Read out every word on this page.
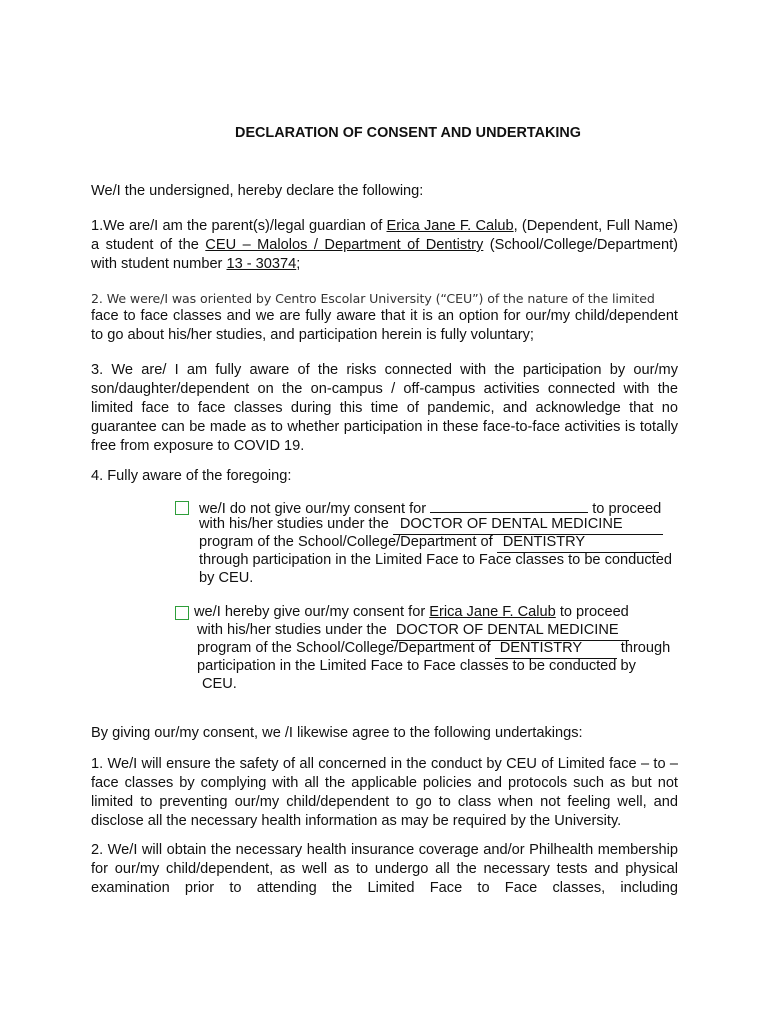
DECLARATION OF CONSENT AND UNDERTAKING
We/I the undersigned, hereby declare the following:
1.We are/I am the parent(s)/legal guardian of Erica Jane F. Calub, (Dependent, Full Name) a student of the CEU – Malolos / Department of Dentistry (School/College/Department) with student number 13 - 30374;
2. We were/I was oriented by Centro Escolar University (“CEU”) of the nature of the limited
face to face classes and we are fully aware that it is an option for our/my child/dependent to go about his/her studies, and participation herein is fully voluntary;
3. We are/ I am fully aware of the risks connected with the participation by our/my son/daughter/dependent on the on-campus / off-campus activities connected with the limited face to face classes during this time of pandemic, and acknowledge that no guarantee can be made as to whether participation in these face-to-face activities is totally free from exposure to COVID 19.
4. Fully aware of the foregoing:
we/I do not give our/my consent for	to proceed
with his/her studies under the DOCTOR OF DENTAL MEDICINE
program of the School/College/Department of DENTISTRY
through participation in the Limited Face to Face classes to be conducted
by CEU.
we/I hereby give our/my consent for Erica Jane F. Calub to proceed
with his/her studies under the DOCTOR OF DENTAL MEDICINE
program of the School/College/Department of DENTISTRY through
participation in the Limited Face to Face classes to be conducted by
CEU.
By giving our/my consent, we /I likewise agree to the following undertakings:
1. We/I will ensure the safety of all concerned in the conduct by CEU of Limited face – to – face classes by complying with all the applicable policies and protocols such as but not limited to preventing our/my child/dependent to go to class when not feeling well, and disclose all the necessary health information as may be required by the University.
2. We/I will obtain the necessary health insurance coverage and/or Philhealth membership for our/my child/dependent, as well as to undergo all the necessary tests and physical examination prior to attending the Limited Face to Face classes, including
